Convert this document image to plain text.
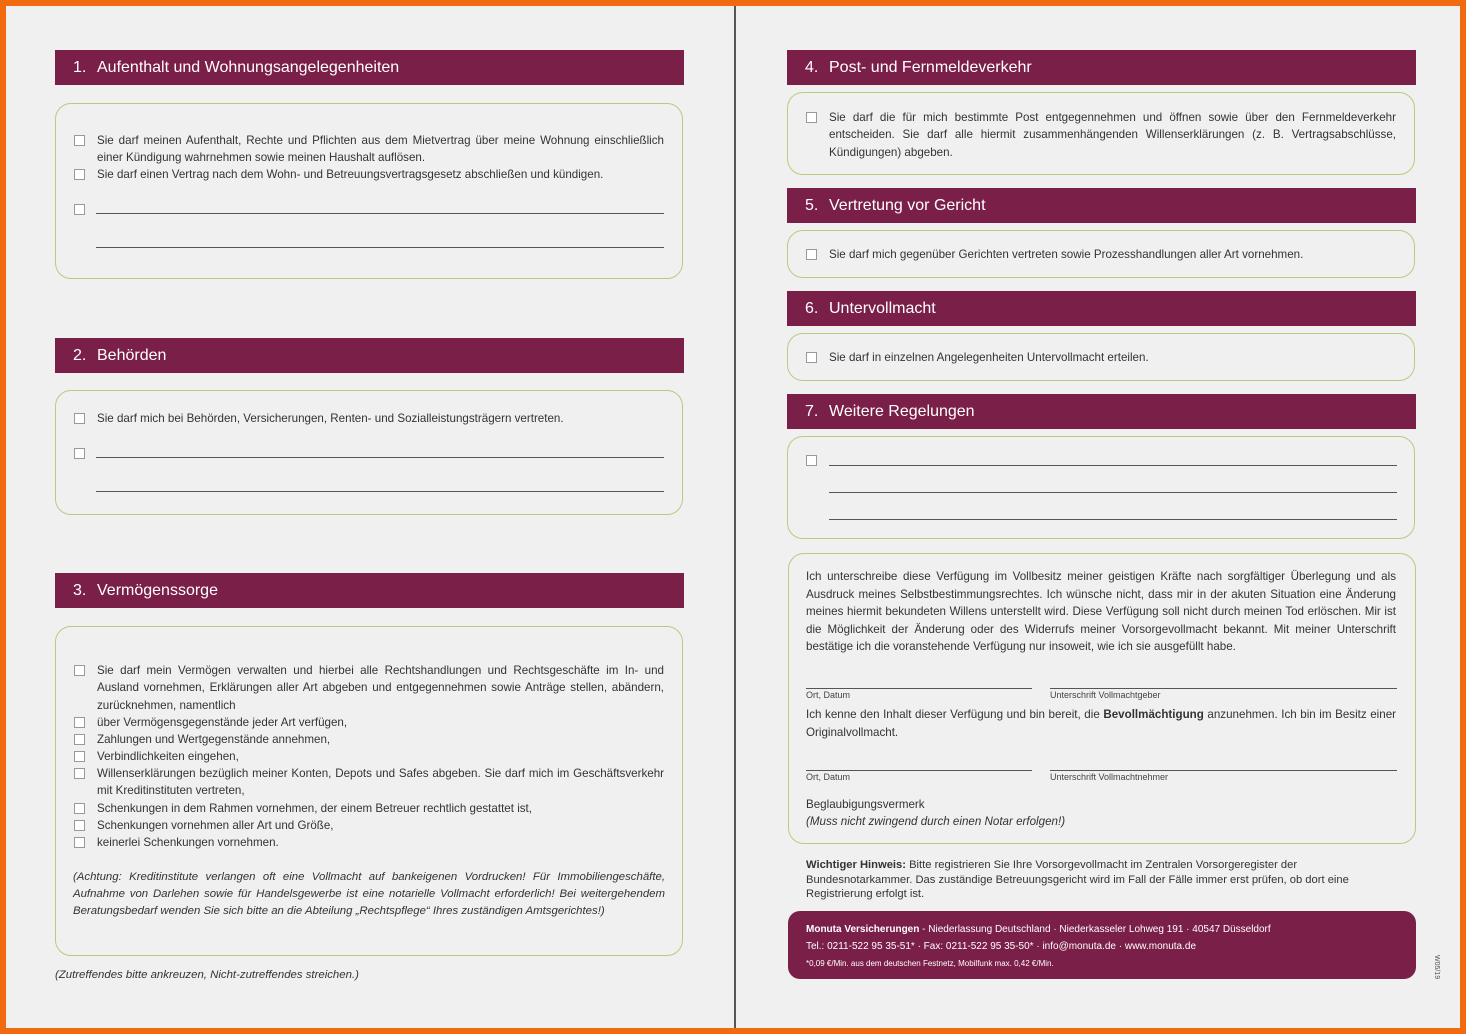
1. Aufenthalt und Wohnungsangelegenheiten
Sie darf meinen Aufenthalt, Rechte und Pflichten aus dem Mietvertrag über meine Wohnung einschließlich einer Kündigung wahrnehmen sowie meinen Haushalt auflösen.
Sie darf einen Vertrag nach dem Wohn- und Betreuungsvertragsgesetz abschließen und kündigen.
2. Behörden
Sie darf mich bei Behörden, Versicherungen, Renten- und Sozialleistungsträgern vertreten.
3. Vermögenssorge
Sie darf mein Vermögen verwalten und hierbei alle Rechtshandlungen und Rechtsgeschäfte im In- und Ausland vornehmen, Erklärungen aller Art abgeben und entgegennehmen sowie Anträge stellen, abändern, zurücknehmen, namentlich
über Vermögensgegenstände jeder Art verfügen,
Zahlungen und Wertgegenstände annehmen,
Verbindlichkeiten eingehen,
Willenserklärungen bezüglich meiner Konten, Depots und Safes abgeben. Sie darf mich im Geschäftsverkehr mit Kreditinstituten vertreten,
Schenkungen in dem Rahmen vornehmen, der einem Betreuer rechtlich gestattet ist,
Schenkungen vornehmen aller Art und Größe,
keinerlei Schenkungen vornehmen.
(Achtung: Kreditinstitute verlangen oft eine Vollmacht auf bankeigenen Vordrucken! Für Immobiliengeschäfte, Aufnahme von Darlehen sowie für Handelsgewerbe ist eine notarielle Vollmacht erforderlich! Bei weitergehendem Beratungsbedarf wenden Sie sich bitte an die Abteilung „Rechtspflege“ Ihres zuständigen Amtsgerichtes!)
(Zutreffendes bitte ankreuzen, Nicht-zutreffendes streichen.)
4. Post- und Fernmeldeverkehr
Sie darf die für mich bestimmte Post entgegennehmen und öffnen sowie über den Fernmeldeverkehr entscheiden. Sie darf alle hiermit zusammenhängenden Willenserklärungen (z. B. Vertragsabschlüsse, Kündigungen) abgeben.
5. Vertretung vor Gericht
Sie darf mich gegenüber Gerichten vertreten sowie Prozesshandlungen aller Art vornehmen.
6. Untervollmacht
Sie darf in einzelnen Angelegenheiten Untervollmacht erteilen.
7. Weitere Regelungen
Ich unterschreibe diese Verfügung im Vollbesitz meiner geistigen Kräfte nach sorgfältiger Überlegung und als Ausdruck meines Selbstbestimmungsrechtes. Ich wünsche nicht, dass mir in der akuten Situation eine Änderung meines hiermit bekundeten Willens unterstellt wird. Diese Verfügung soll nicht durch meinen Tod erlöschen. Mir ist die Möglichkeit der Änderung oder des Widerrufs meiner Vorsorgevollmacht bekannt. Mit meiner Unterschrift bestätige ich die voranstehende Verfügung nur insoweit, wie ich sie ausgefüllt habe.
Ort, Datum	Unterschrift Vollmachtgeber
Ich kenne den Inhalt dieser Verfügung und bin bereit, die Bevollmächtigung anzunehmen. Ich bin im Besitz einer Originalvollmacht.
Ort, Datum	Unterschrift Vollmachtnehmer
Beglaubigungsvermerk
(Muss nicht zwingend durch einen Notar erfolgen!)
Wichtiger Hinweis: Bitte registrieren Sie Ihre Vorsorgevollmacht im Zentralen Vorsorgeregister der Bundesnotarkammer. Das zuständige Betreuungsgericht wird im Fall der Fälle immer erst prüfen, ob dort eine Registrierung erfolgt ist.
Monuta Versicherungen - Niederlassung Deutschland · Niederkasseler Lohweg 191 · 40547 Düsseldorf
Tel.: 0211-522 95 35-51* · Fax: 0211-522 95 35-50* · info@monuta.de · www.monuta.de
*0,09 €/Min. aus dem deutschen Festnetz, Mobilfunk max. 0,42 €/Min.	W05/19
